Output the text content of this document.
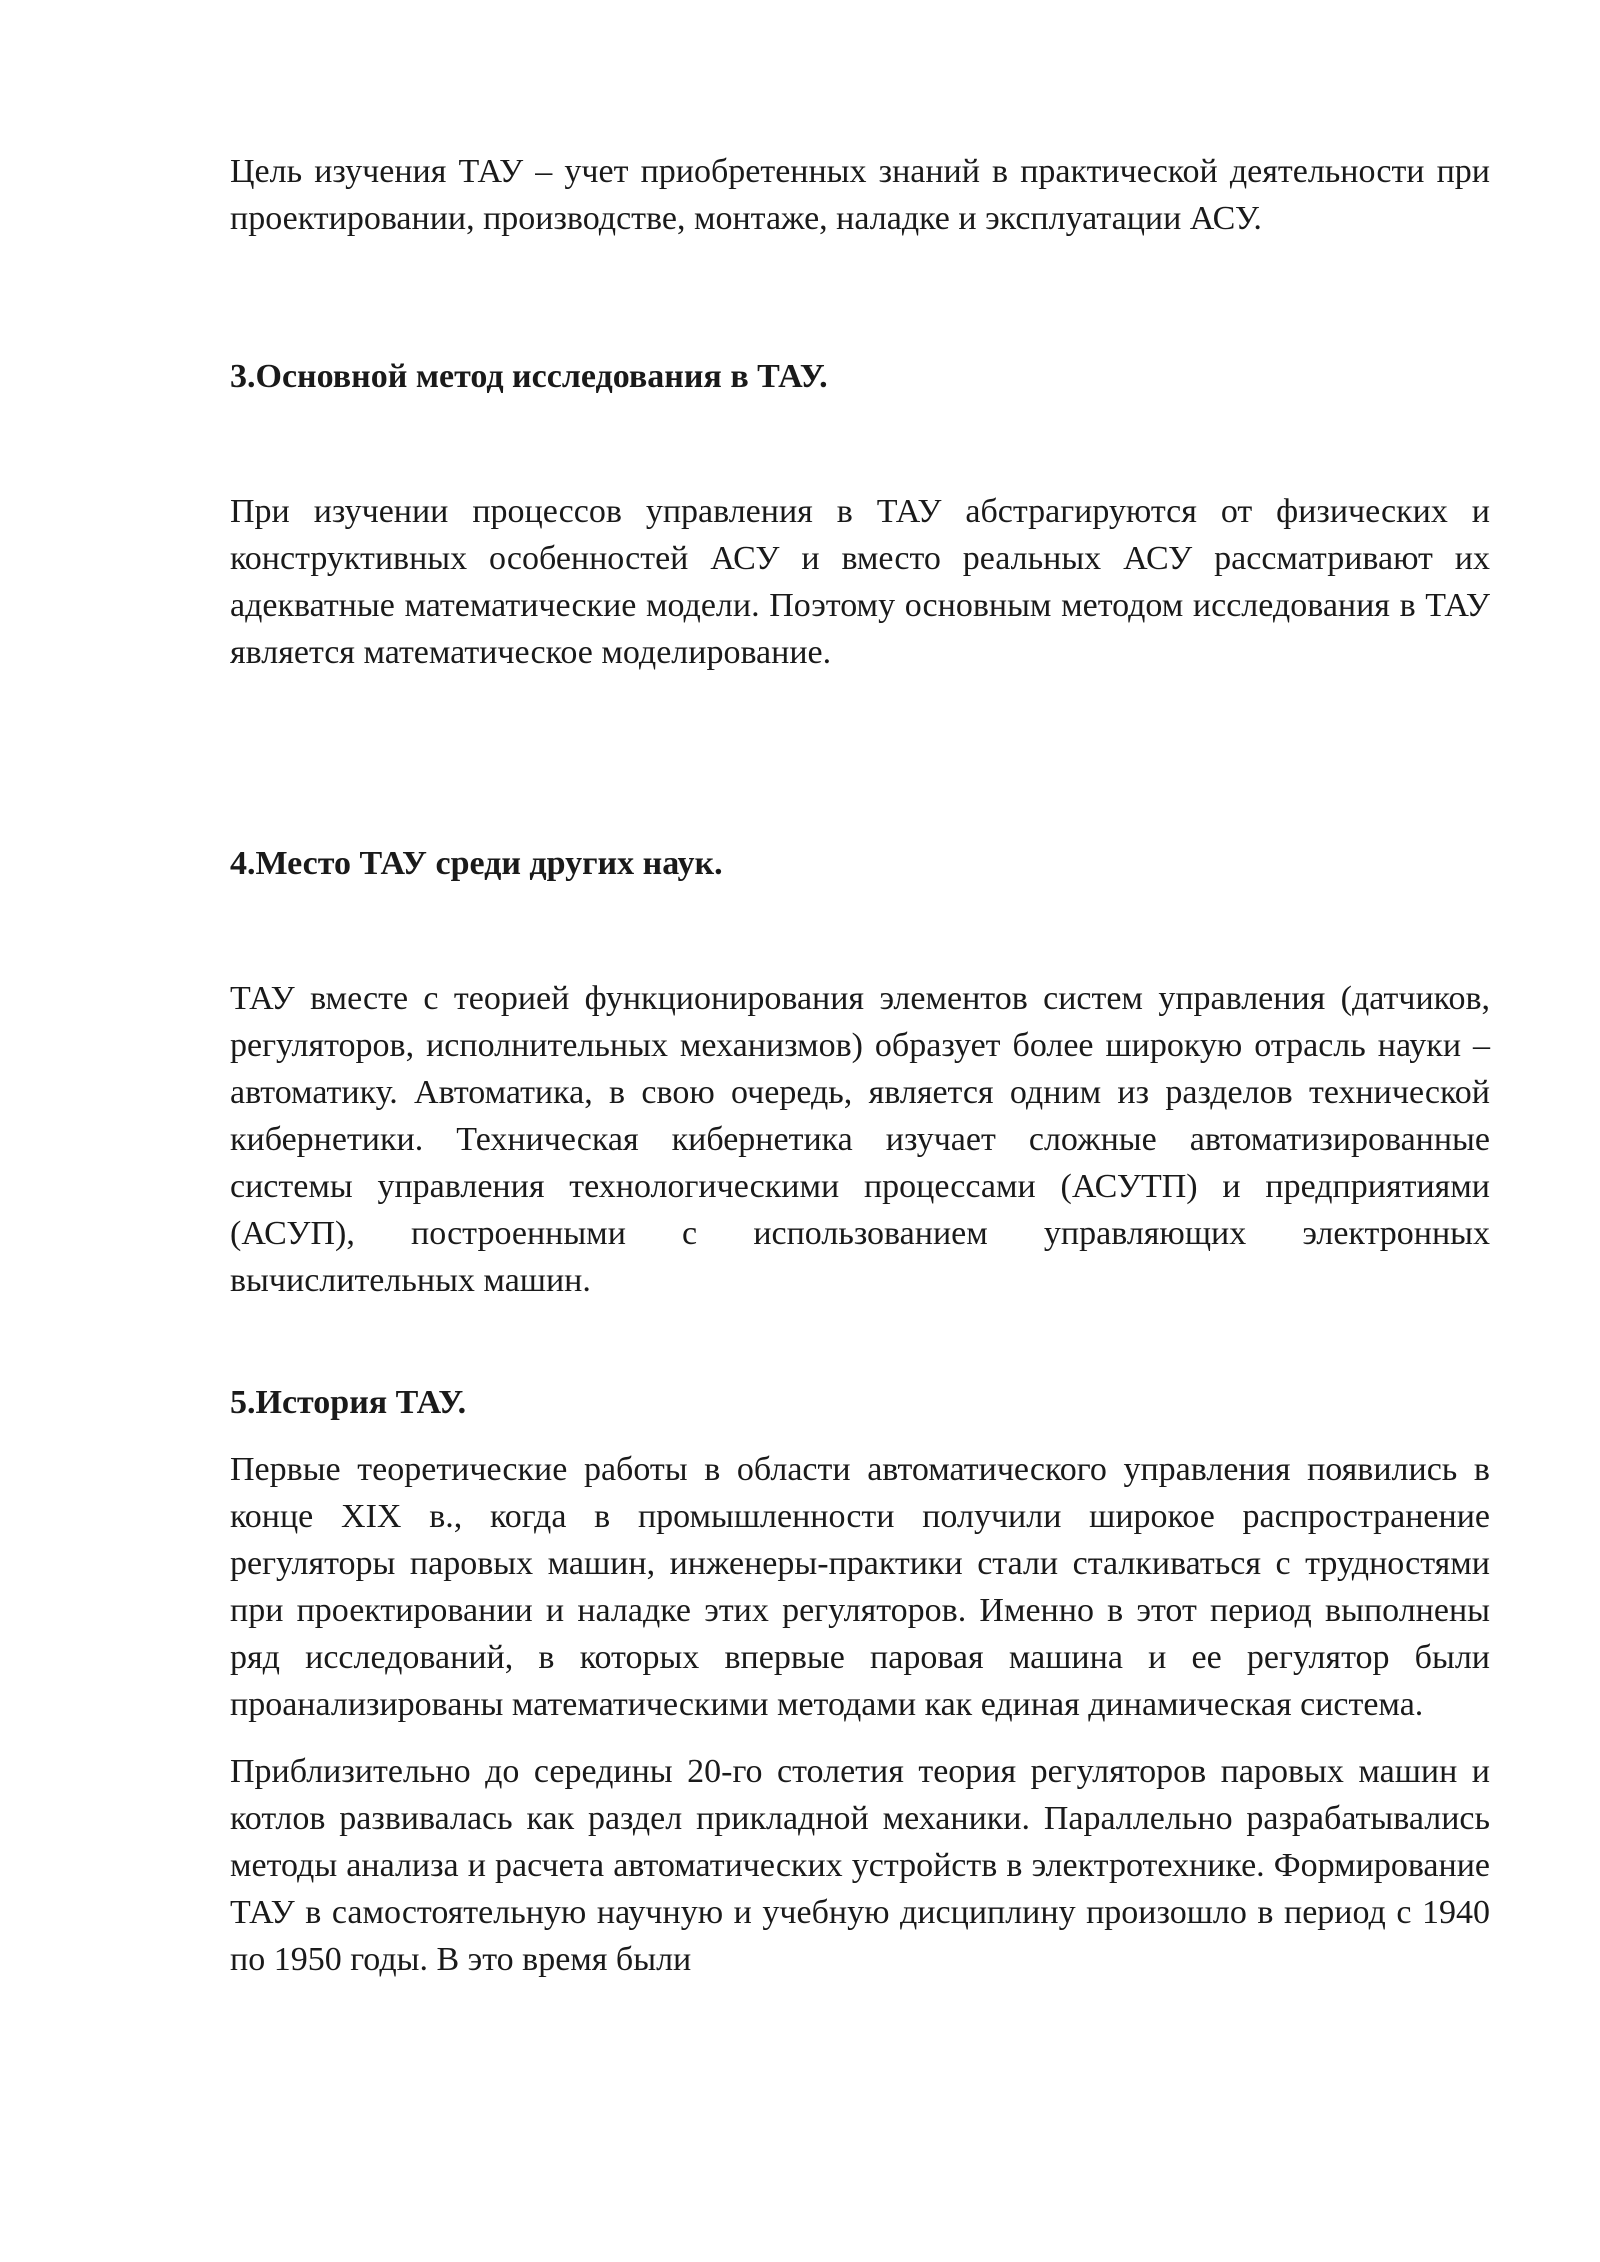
Цель изучения ТАУ – учет приобретенных знаний в практической деятельности при проектировании, производстве, монтаже, наладке и эксплуатации АСУ.

3.Основной метод исследования в ТАУ.

При изучении процессов управления в ТАУ абстрагируются от физических и конструктивных особенностей АСУ и вместо реальных АСУ рассматривают их адекватные математические модели. Поэтому основным методом исследования в ТАУ является математическое моделирование.

4.Место ТАУ среди других наук.

ТАУ вместе с теорией функционирования элементов систем управления (датчиков, регуляторов, исполнительных механизмов) образует более широкую отрасль науки – автоматику. Автоматика, в свою очередь, является одним из разделов технической кибернетики. Техническая кибернетика изучает сложные автоматизированные системы управления технологическими процессами (АСУТП) и предприятиями (АСУП), построенными с использованием управляющих электронных вычислительных машин.

5.История ТАУ.

Первые теоретические работы в области автоматического управления появились в конце XIX в., когда в промышленности получили широкое распространение регуляторы паровых машин, инженеры-практики стали сталкиваться с трудностями при проектировании и наладке этих регуляторов. Именно в этот период выполнены ряд исследований, в которых впервые паровая машина и ее регулятор были проанализированы математическими методами как единая динамическая система.

Приблизительно до середины 20-го столетия теория регуляторов паровых машин и котлов развивалась как раздел прикладной механики. Параллельно разрабатывались методы анализа и расчета автоматических устройств в электротехнике. Формирование ТАУ в самостоятельную научную и учебную дисциплину произошло в период с 1940 по 1950 годы. В это время были
